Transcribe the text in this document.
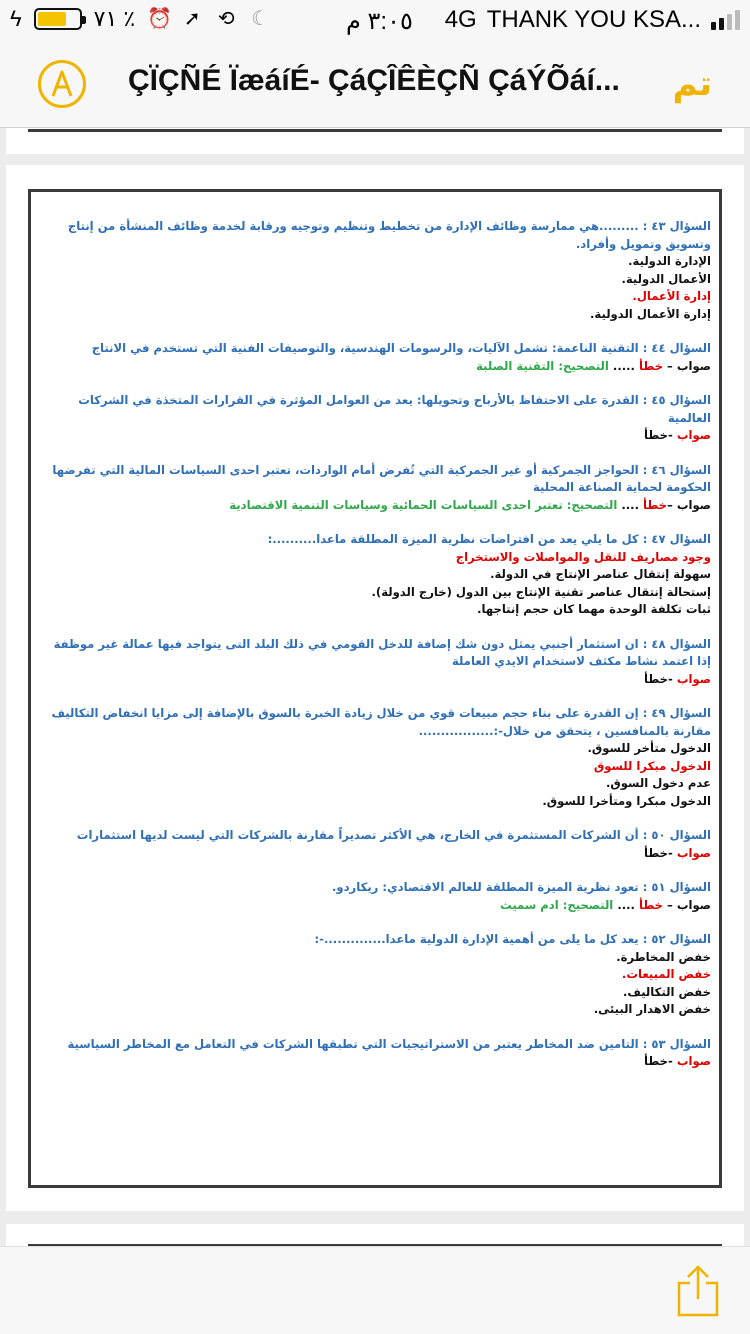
ϟ	٧١ ٪ ⏰ ➚ ⟲ ☾	٣:٠٥ م 4G THANK YOU KSA...
ÇÏÇÑÉ ÏæáíÉ- ÇáÇÎÊÈÇÑ ÇáÝÕáí...	تم
السؤال ٤٣ : .........هي ممارسة وظائف الإدارة من تخطيط وتنظيم وتوجيه ورقابة لخدمة وظائف المنشأة من إنتاج وتسويق وتمويل وأفراد.
الإدارة الدولية.
الأعمال الدولية.
إدارة الأعمال.
إدارة الأعمال الدولية.
السؤال ٤٤ : التقنية الناعمة: تشمل الآليات، والرسومات الهندسية، والتوصيفات الفنية التي تستخدم في الانتاج
صواب – خطأ ..... التصحيح: التقنية الصلبة
السؤال ٤٥ : القدرة على الاحتفاظ بالأرباح وتحويلها: يعد من العوامل المؤثرة في القرارات المتخذة في الشركات العالمية
صواب -خطأ
السؤال ٤٦ : الحواجز الجمركية أو غير الجمركية التي تُفرض أمام الواردات، تعتبر احدى السياسات المالية التي تفرضها الحكومة لحماية الصناعة المحلية
صواب –خطأ .... التصحيح: تعتبر احدى السياسات الحمائية وسياسات التنمية الاقتصادية
السؤال ٤٧ : كل ما يلي يعد من افتراضات نظرية الميزة المطلقة ماعدا..........:
وجود مصاريف للنقل والمواصلات والاستخراج
سهولة إنتقال عناصر الإنتاج في الدولة.
إستحالة إنتقال عناصر تقنية الإنتاج بين الدول (خارج الدولة).
ثبات تكلفة الوحدة مهما كان حجم إنتاجها.
السؤال ٤٨ : ان استثمار أجنبي يمثل دون شك إضافة للدخل القومي في ذلك البلد التى يتواجد فيها عمالة غير موظفة إذا اعتمد نشاط مكثف لاستخدام الايدي العاملة
صواب -خطأ
السؤال ٤٩ : إن القدرة على بناء حجم مبيعات قوي من خلال زيادة الخبرة بالسوق بالإضافة إلى مزايا انخفاض التكاليف مقارنة بالمنافسين ، يتحقق من خلال-:.................
الدخول متأخر للسوق.
الدخول مبكرا للسوق
عدم دخول السوق.
الدخول مبكرا ومتأخرا للسوق.
السؤال ٥٠ : أن الشركات المستثمرة في الخارج، هي الأكثر تصديراً مقارنة بالشركات التي ليست لديها استثمارات
صواب -خطأ
السؤال ٥١ : تعود نظرية الميزة المطلقة للعالم الاقتصادي: ريكاردو.
صواب – خطأ .... التصحيح: ادم سميث
السؤال ٥٢ : يعد كل ما يلى من أهمية الإدارة الدولية ماعدا..............-:
خفض المخاطرة.
خفض المبيعات.
خفض التكاليف.
خفض الاهدار البيئى.
السؤال ٥٣ : التامين ضد المخاطر يعتبر من الاستراتيجيات التي تطبقها الشركات في التعامل مع المخاطر السياسية
صواب -خطأ
